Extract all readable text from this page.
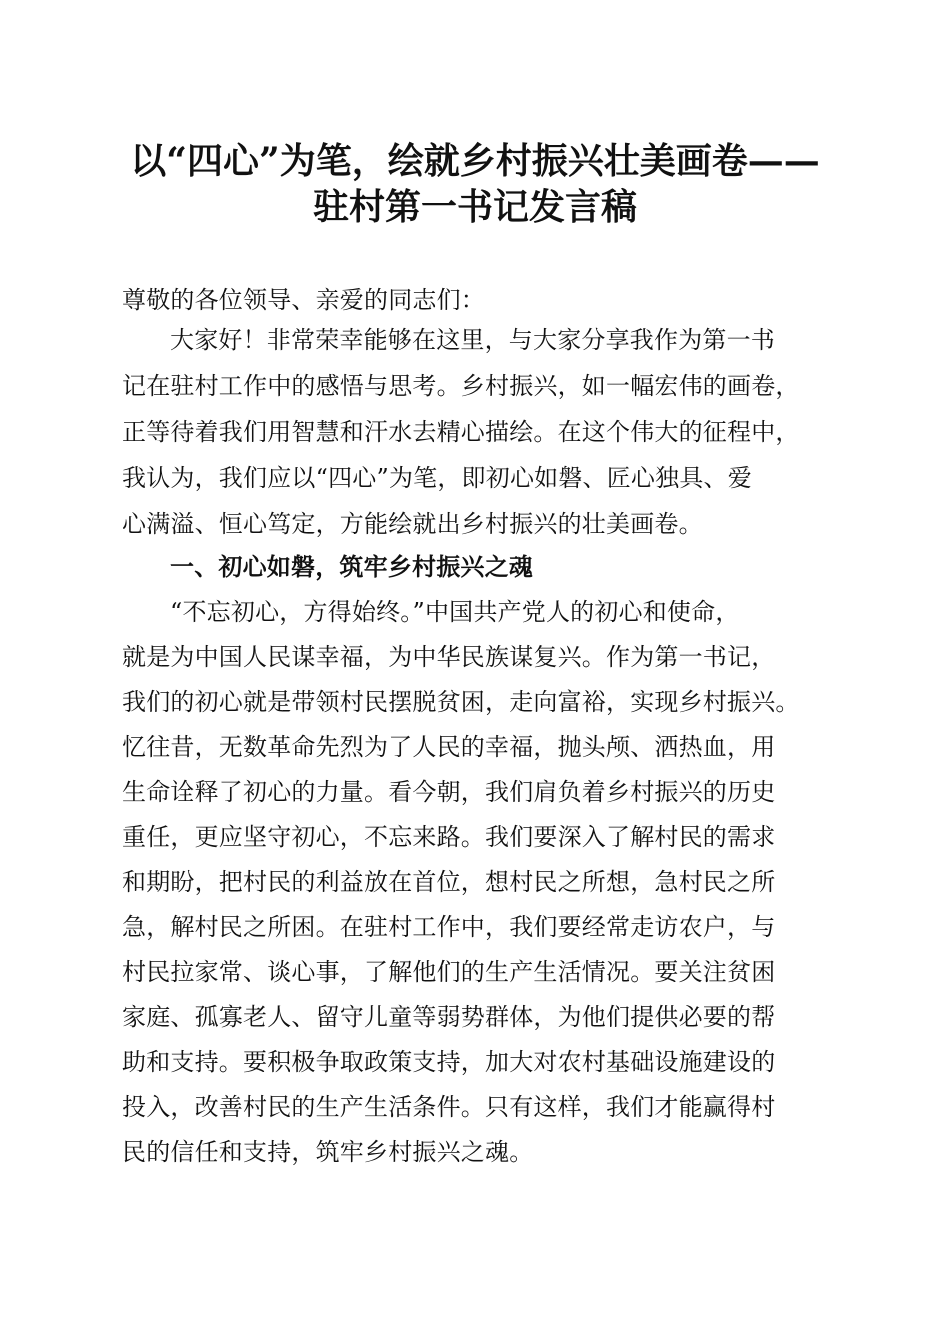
以“四心”为笔，绘就乡村振兴壮美画卷——
驻村第一书记发言稿
尊敬的各位领导、亲爱的同志们：
大家好！非常荣幸能够在这里，与大家分享我作为第一书
记在驻村工作中的感悟与思考。乡村振兴，如一幅宏伟的画卷，
正等待着我们用智慧和汗水去精心描绘。在这个伟大的征程中，
我认为，我们应以“四心”为笔，即初心如磐、匠心独具、爱
心满溢、恒心笃定，方能绘就出乡村振兴的壮美画卷。
一、初心如磐，筑牢乡村振兴之魂
“不忘初心，方得始终。”中国共产党人的初心和使命，
就是为中国人民谋幸福，为中华民族谋复兴。作为第一书记，
我们的初心就是带领村民摆脱贫困，走向富裕，实现乡村振兴。
忆往昔，无数革命先烈为了人民的幸福，抛头颅、洒热血，用
生命诠释了初心的力量。看今朝，我们肩负着乡村振兴的历史
重任，更应坚守初心，不忘来路。我们要深入了解村民的需求
和期盼，把村民的利益放在首位，想村民之所想，急村民之所
急，解村民之所困。在驻村工作中，我们要经常走访农户，与
村民拉家常、谈心事，了解他们的生产生活情况。要关注贫困
家庭、孤寡老人、留守儿童等弱势群体，为他们提供必要的帮
助和支持。要积极争取政策支持，加大对农村基础设施建设的
投入，改善村民的生产生活条件。只有这样，我们才能赢得村
民的信任和支持，筑牢乡村振兴之魂。
